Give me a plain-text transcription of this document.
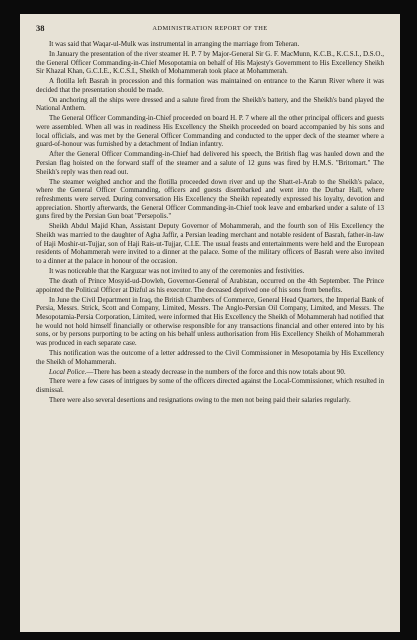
38	ADMINISTRATION REPORT OF THE

It was said that Waqar-ul-Mulk was instrumental in arranging the marriage from Teheran.

In January the presentation of the river steamer H. P. 7 by Major-General Sir G. F. MacMunn, K.C.B., K.C.S.I., D.S.O., the General Officer Commanding-in-Chief Mesopotamia on behalf of His Majesty's Government to His Excellency Sheikh Sir Khazal Khan, G.C.I.E., K.C.S.I., Sheikh of Mohammerah took place at Mohammerah.

A flotilla left Basrah in procession and this formation was maintained on entrance to the Karun River where it was decided that the presentation should be made.

On anchoring all the ships were dressed and a salute fired from the Sheikh's battery, and the Sheikh's band played the National Anthem.

The General Officer Commanding-in-Chief proceeded on board H. P. 7 where all the other principal officers and guests were assembled. When all was in readiness His Excellency the Sheikh proceeded on board accompanied by his sons and local officials, and was met by the General Officer Commanding and conducted to the upper deck of the steamer where a guard-of-honour was furnished by a detachment of Indian infantry.

After the General Officer Commanding-in-Chief had delivered his speech, the British flag was hauled down and the Persian flag hoisted on the forward staff of the steamer and a salute of 12 guns was fired by H.M.S. "Britomart." The Sheikh's reply was then read out.

The steamer weighed anchor and the flotilla proceeded down river and up the Shatt-el-Arab to the Sheikh's palace, where the General Officer Commanding, officers and guests disembarked and went into the Durbar Hall, where refreshments were served. During conversation His Excellency the Sheikh repeatedly expressed his loyalty, devotion and appreciation. Shortly afterwards, the General Officer Commanding-in-Chief took leave and embarked under a salute of 13 guns fired by the Persian Gun boat "Persepolis."

Sheikh Abdul Majid Khan, Assistant Deputy Governor of Mohammerah, and the fourth son of His Excellency the Sheikh was married to the daughter of Agha Jaffir, a Persian leading merchant and notable resident of Basrah, father-in-law of Haji Moshir-ut-Tujjar, son of Haji Rais-ut-Tujjar, C.I.E. The usual feasts and entertainments were held and the European residents of Mohammerah were invited to a dinner at the palace. Some of the military officers of Basrah were also invited to a dinner at the palace in honour of the occasion.

It was noticeable that the Karguzar was not invited to any of the ceremonies and festivities.

The death of Prince Mosyid-ud-Dowleh, Governor-General of Arabistan, occurred on the 4th September. The Prince appointed the Political Officer at Dizful as his executor. The deceased deprived one of his sons from benefits.

In June the Civil Department in Iraq, the British Chambers of Commerce, General Head Quarters, the Imperial Bank of Persia, Messrs. Strick, Scott and Company, Limited, Messrs. The Anglo-Persian Oil Company, Limited, and Messrs. The Mesopotamia-Persia Corporation, Limited, were informed that His Excellency the Sheikh of Mohammerah had notified that he would not hold himself financially or otherwise responsible for any transactions financial and other entered into by his sons, or by persons purporting to be acting on his behalf unless authorisation from His Excellency Sheikh of Mohammerah was produced in each separate case.

This notification was the outcome of a letter addressed to the Civil Commissioner in Mesopotamia by His Excellency the Sheikh of Mohammerah.

Local Police.—There has been a steady decrease in the numbers of the force and this now totals about 90.

There were a few cases of intrigues by some of the officers directed against the Local-Commissioner, which resulted in dismissal.

There were also several desertions and resignations owing to the men not being paid their salaries regularly.
